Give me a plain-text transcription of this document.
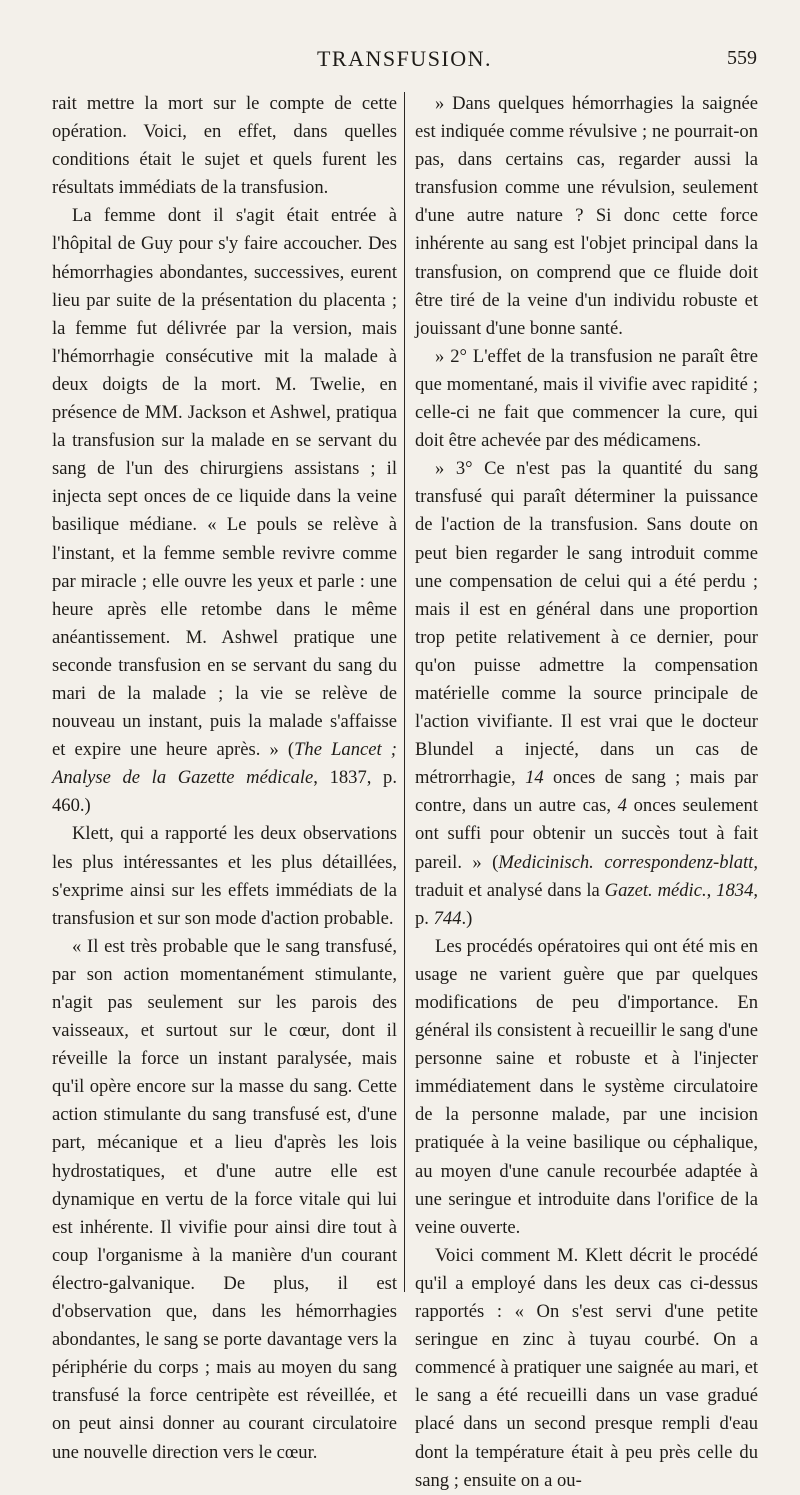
TRANSFUSION.	559

rait mettre la mort sur le compte de cette opération. Voici, en effet, dans quelles conditions était le sujet et quels furent les résultats immédiats de la transfusion.

La femme dont il s'agit était entrée à l'hôpital de Guy pour s'y faire accoucher. Des hémorrhagies abondantes, successives, eurent lieu par suite de la présentation du placenta ; la femme fut délivrée par la version, mais l'hémorrhagie consécutive mit la malade à deux doigts de la mort. M. Twelie, en présence de MM. Jackson et Ashwel, pratiqua la transfusion sur la malade en se servant du sang de l'un des chirurgiens assistans ; il injecta sept onces de ce liquide dans la veine basilique médiane. « Le pouls se relève à l'instant, et la femme semble revivre comme par miracle ; elle ouvre les yeux et parle : une heure après elle retombe dans le même anéantissement. M. Ashwel pratique une seconde transfusion en se servant du sang du mari de la malade ; la vie se relève de nouveau un instant, puis la malade s'affaisse et expire une heure après. » (The Lancet ; Analyse de la Gazette médicale, 1837, p. 460.)

Klett, qui a rapporté les deux observations les plus intéressantes et les plus détaillées, s'exprime ainsi sur les effets immédiats de la transfusion et sur son mode d'action probable.

« Il est très probable que le sang transfusé, par son action momentanément stimulante, n'agit pas seulement sur les parois des vaisseaux, et surtout sur le cœur, dont il réveille la force un instant paralysée, mais qu'il opère encore sur la masse du sang. Cette action stimulante du sang transfusé est, d'une part, mécanique et a lieu d'après les lois hydrostatiques, et d'une autre elle est dynamique en vertu de la force vitale qui lui est inhérente. Il vivifie pour ainsi dire tout à coup l'organisme à la manière d'un courant électro-galvanique. De plus, il est d'observation que, dans les hémorrhagies abondantes, le sang se porte davantage vers la périphérie du corps ; mais au moyen du sang transfusé la force centripète est réveillée, et on peut ainsi donner au courant circulatoire une nouvelle direction vers le cœur.

» Dans quelques hémorrhagies la saignée est indiquée comme révulsive ; ne pourrait-on pas, dans certains cas, regarder aussi la transfusion comme une révulsion, seulement d'une autre nature ? Si donc cette force inhérente au sang est l'objet principal dans la transfusion, on comprend que ce fluide doit être tiré de la veine d'un individu robuste et jouissant d'une bonne santé.

» 2° L'effet de la transfusion ne paraît être que momentané, mais il vivifie avec rapidité ; celle-ci ne fait que commencer la cure, qui doit être achevée par des médicamens.

» 3° Ce n'est pas la quantité du sang transfusé qui paraît déterminer la puissance de l'action de la transfusion. Sans doute on peut bien regarder le sang introduit comme une compensation de celui qui a été perdu ; mais il est en général dans une proportion trop petite relativement à ce dernier, pour qu'on puisse admettre la compensation matérielle comme la source principale de l'action vivifiante. Il est vrai que le docteur Blundel a injecté, dans un cas de métrorrhagie, 14 onces de sang ; mais par contre, dans un autre cas, 4 onces seulement ont suffi pour obtenir un succès tout à fait pareil. » (Medicinisch. correspondenz-blatt, traduit et analysé dans la Gazet. médic., 1834, p. 744.)

Les procédés opératoires qui ont été mis en usage ne varient guère que par quelques modifications de peu d'importance. En général ils consistent à recueillir le sang d'une personne saine et robuste et à l'injecter immédiatement dans le système circulatoire de la personne malade, par une incision pratiquée à la veine basilique ou céphalique, au moyen d'une canule recourbée adaptée à une seringue et introduite dans l'orifice de la veine ouverte.

Voici comment M. Klett décrit le procédé qu'il a employé dans les deux cas ci-dessus rapportés : « On s'est servi d'une petite seringue en zinc à tuyau courbé. On a commencé à pratiquer une saignée au mari, et le sang a été recueilli dans un vase gradué placé dans un second presque rempli d'eau dont la température était à peu près celle du sang ; ensuite on a ou-
